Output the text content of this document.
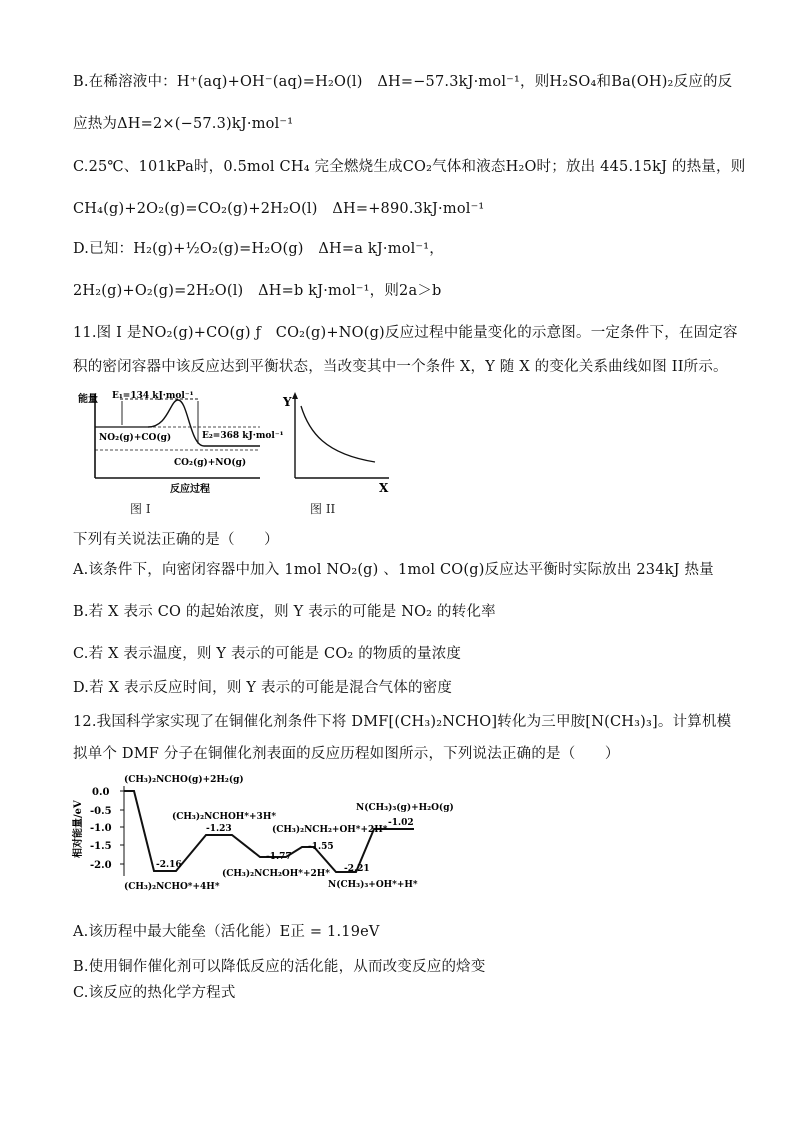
B.在稀溶液中：H⁺(aq)+OH⁻(aq)=H₂O(l)　ΔH=−57.3kJ·mol⁻¹，则H₂SO₄和Ba(OH)₂反应的反
应热为ΔH=2×(−57.3)kJ·mol⁻¹
C.25℃、101kPa时，0.5mol CH₄ 完全燃烧生成CO₂气体和液态H₂O时；放出 445.15kJ 的热量，则
CH₄(g)+2O₂(g)=CO₂(g)+2H₂O(l)　ΔH=+890.3kJ·mol⁻¹
D.已知：H₂(g)+½O₂(g)=H₂O(g)　ΔH=a kJ·mol⁻¹，
2H₂(g)+O₂(g)=2H₂O(l)　ΔH=b kJ·mol⁻¹，则2a＞b
11.图 I 是NO₂(g)+CO(g) ƒ　CO₂(g)+NO(g)反应过程中能量变化的示意图。一定条件下，在固定容
积的密闭容器中该反应达到平衡状态，当改变其中一个条件 X，Y 随 X 的变化关系曲线如图 II所示。
能量 E₁=134 kJ·mol⁻¹
NO₂(g)+CO(g)	E₂=368 kJ·mol⁻¹
CO₂(g)+NO(g)
反应过程
图 I
Y
X
图 II
下列有关说法正确的是（　　）
A.该条件下，向密闭容器中加入 1mol NO₂(g) 、1mol CO(g)反应达平衡时实际放出 234kJ 热量
B.若 X 表示 CO 的起始浓度，则 Y 表示的可能是 NO₂ 的转化率
C.若 X 表示温度，则 Y 表示的可能是 CO₂ 的物质的量浓度
D.若 X 表示反应时间，则 Y 表示的可能是混合气体的密度
12.我国科学家实现了在铜催化剂条件下将 DMF[(CH₃)₂NCHO]转化为三甲胺[N(CH₃)₃]。计算机模
拟单个 DMF 分子在铜催化剂表面的反应历程如图所示，下列说法正确的是（　　）
相对能量/eV
0.0
-0.5
-1.0
-1.5
-2.0
(CH₃)₂NCHO(g)+2H₂(g)
(CH₃)₂NCHOH*+3H*
-1.23
-2.16
(CH₃)₂NCHO*+4H*
(CH₃)₂NCH₂+OH*+2H*
-1.77
-1.55
(CH₃)₂NCH₂OH*+2H*
N(CH₃)₃(g)+H₂O(g)
-1.02
-2.21
N(CH₃)₃+OH*+H*
A.该历程中最大能垒（活化能）E正 = 1.19eV
B.使用铜作催化剂可以降低反应的活化能，从而改变反应的焓变
C.该反应的热化学方程式
